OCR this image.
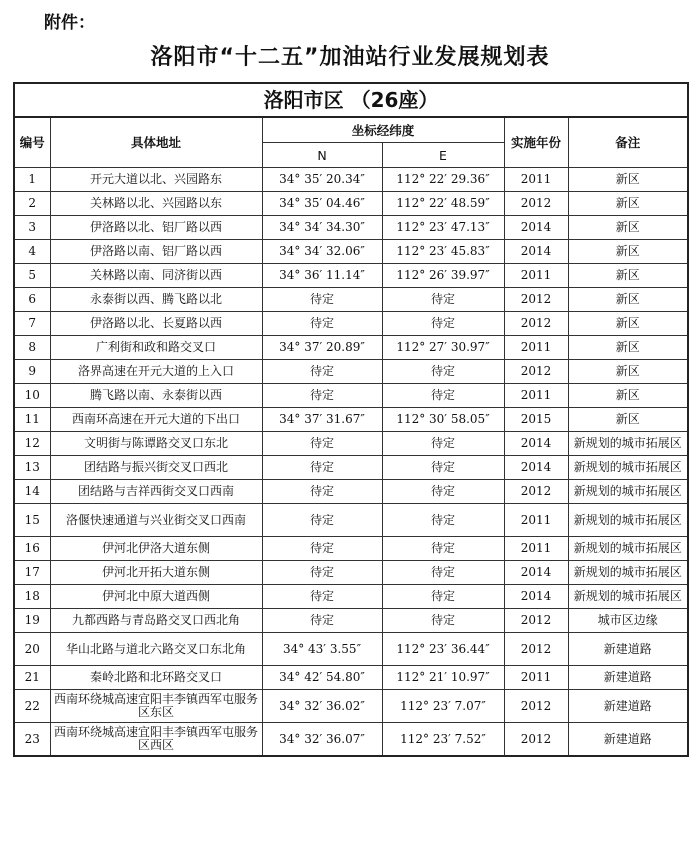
附件：
洛阳市“十二五”加油站行业发展规划表
洛阳市区 （26座）					
编号	具体地址	坐标经纬度		实施年份	备注
		N	E		
1	开元大道以北、兴园路东	34° 35′ 20.34″	112° 22′ 29.36″	2011	新区
2	关林路以北、兴园路以东	34° 35′ 04.46″	112° 22′ 48.59″	2012	新区
3	伊洛路以北、铝厂路以西	34° 34′ 34.30″	112° 23′ 47.13″	2014	新区
4	伊洛路以南、铝厂路以西	34° 34′ 32.06″	112° 23′ 45.83″	2014	新区
5	关林路以南、同济街以西	34° 36′ 11.14″	112° 26′ 39.97″	2011	新区
6	永泰街以西、腾飞路以北	待定	待定	2012	新区
7	伊洛路以北、长夏路以西	待定	待定	2012	新区
8	广利街和政和路交叉口	34° 37′ 20.89″	112° 27′ 30.97″	2011	新区
9	洛界高速在开元大道的上入口	待定	待定	2012	新区
10	腾飞路以南、永泰街以西	待定	待定	2011	新区
11	西南环高速在开元大道的下出口	34° 37′ 31.67″	112° 30′ 58.05″	2015	新区
12	文明街与陈谭路交叉口东北	待定	待定	2014	新规划的城市拓展区
13	团结路与振兴街交叉口西北	待定	待定	2014	新规划的城市拓展区
14	团结路与吉祥西街交叉口西南	待定	待定	2012	新规划的城市拓展区
15	洛偃快速通道与兴业街交叉口西南	待定	待定	2011	新规划的城市拓展区
16	伊河北伊洛大道东侧	待定	待定	2011	新规划的城市拓展区
17	伊河北开拓大道东侧	待定	待定	2014	新规划的城市拓展区
18	伊河北中原大道西侧	待定	待定	2014	新规划的城市拓展区
19	九都西路与青岛路交叉口西北角	待定	待定	2012	城市区边缘
20	华山北路与道北六路交叉口东北角	34° 43′ 3.55″	112° 23′ 36.44″	2012	新建道路
21	秦岭北路和北环路交叉口	34° 42′ 54.80″	112° 21′ 10.97″	2011	新建道路
22	西南环绕城高速宜阳丰李镇西军屯服务区东区	34° 32′ 36.02″	112° 23′ 7.07″	2012	新建道路
23	西南环绕城高速宜阳丰李镇西军屯服务区西区	34° 32′ 36.07″	112° 23′ 7.52″	2012	新建道路
